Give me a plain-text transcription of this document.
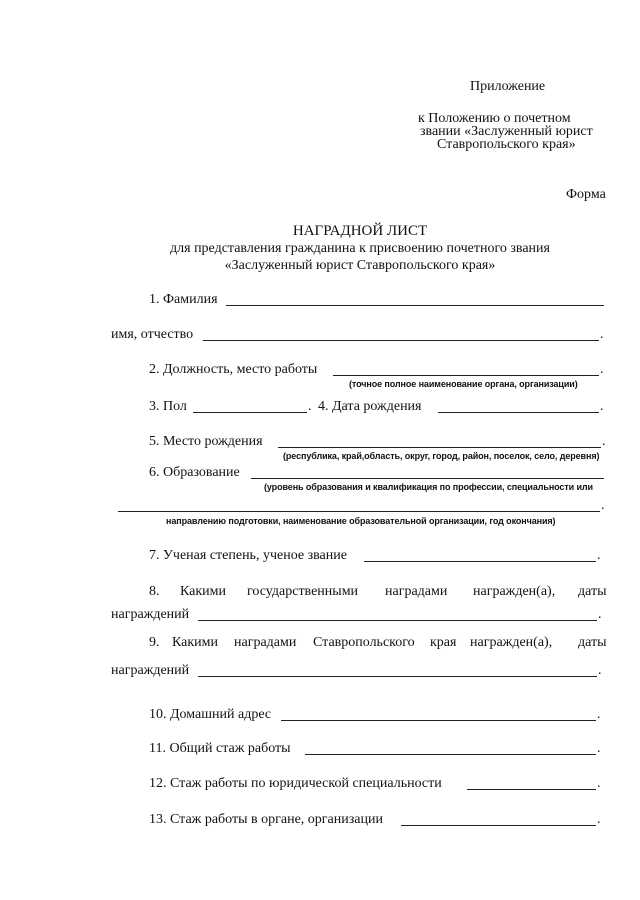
Приложение
к Положению о почетном
звании «Заслуженный юрист
Ставропольского края»
Форма
НАГРАДНОЙ ЛИСТ
для представления гражданина к присвоению почетного звания
«Заслуженный юрист Ставропольского края»
1. Фамилия
имя, отчество	.
2. Должность, место работы	.
(точное полное наименование органа, организации)
3. Пол	. 4. Дата рождения	.
5. Место рождения	.
(республика, край,область, округ, город, район, поселок, село, деревня)
6. Образование
(уровень образования и квалификация по профессии, специальности или
.
направлению подготовки, наименование образовательной организации, год окончания)
7. Ученая степень, ученое звание	.
8. Какими государственными наградами награжден(а), даты
награждений	.
9. Какими наградами Ставропольского края награжден(а), даты
награждений	.
10. Домашний адрес	.
11. Общий стаж работы	.
12. Стаж работы по юридической специальности	.
13. Стаж работы в органе, организации	.
